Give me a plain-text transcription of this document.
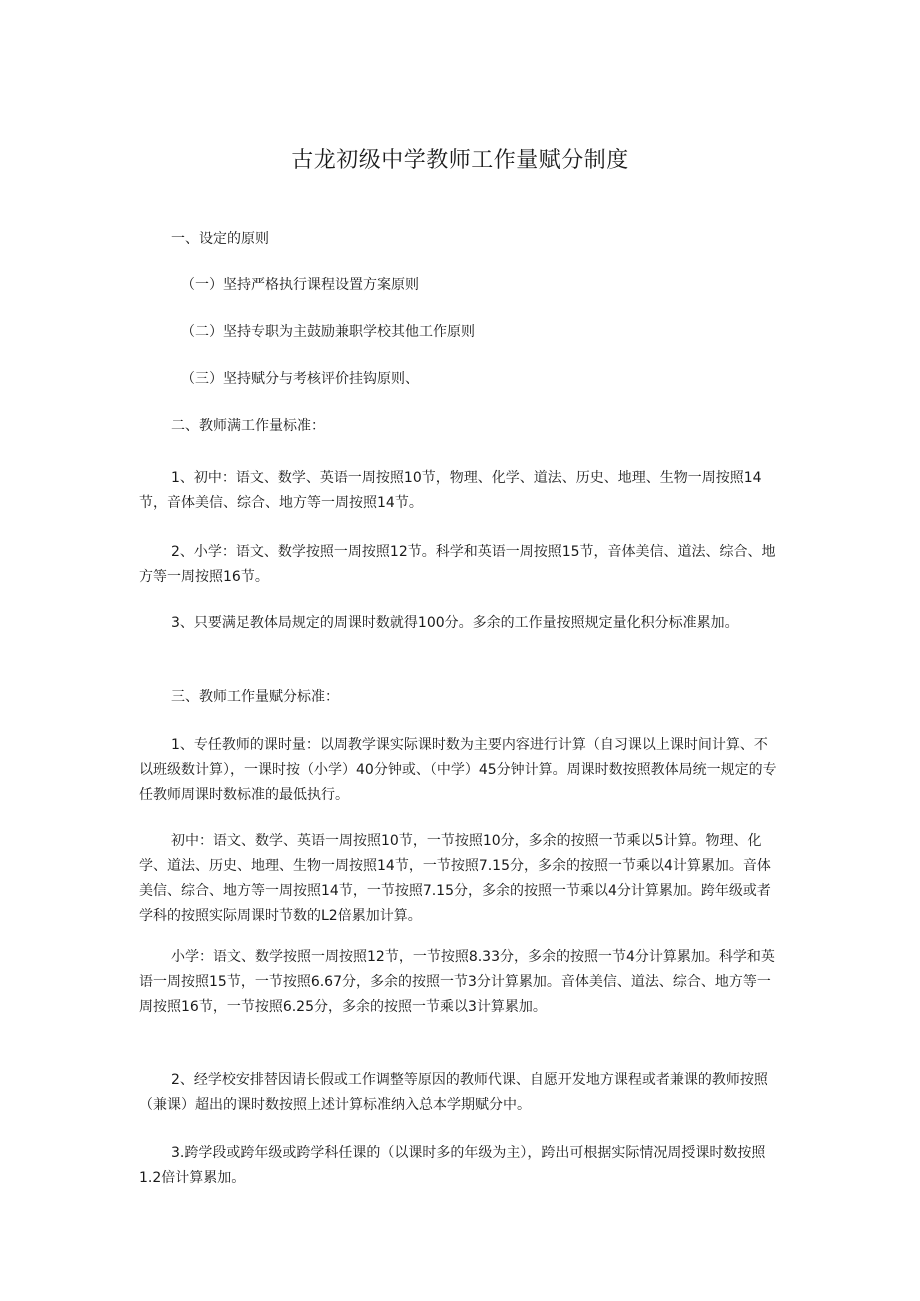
古龙初级中学教师工作量赋分制度

一、设定的原则

（一）坚持严格执行课程设置方案原则

（二）坚持专职为主鼓励兼职学校其他工作原则

（三）坚持赋分与考核评价挂钩原则、

二、教师满工作量标准：

1、初中：语文、数学、英语一周按照10节，物理、化学、道法、历史、地理、生物一周按照14节，音体美信、综合、地方等一周按照14节。

2、小学：语文、数学按照一周按照12节。科学和英语一周按照15节，音体美信、道法、综合、地方等一周按照16节。

3、只要满足教体局规定的周课时数就得100分。多余的工作量按照规定量化积分标准累加。

三、教师工作量赋分标准：

1、专任教师的课时量：以周教学课实际课时数为主要内容进行计算（自习课以上课时间计算、不以班级数计算），一课时按（小学）40分钟或、（中学）45分钟计算。周课时数按照教体局统一规定的专任教师周课时数标准的最低执行。

初中：语文、数学、英语一周按照10节，一节按照10分，多余的按照一节乘以5计算。物理、化学、道法、历史、地理、生物一周按照14节，一节按照7.15分，多余的按照一节乘以4计算累加。音体美信、综合、地方等一周按照14节，一节按照7.15分，多余的按照一节乘以4分计算累加。跨年级或者学科的按照实际周课时节数的L2倍累加计算。

小学：语文、数学按照一周按照12节，一节按照8.33分，多余的按照一节4分计算累加。科学和英语一周按照15节，一节按照6.67分，多余的按照一节3分计算累加。音体美信、道法、综合、地方等一周按照16节，一节按照6.25分，多余的按照一节乘以3计算累加。

2、经学校安排替因请长假或工作调整等原因的教师代课、自愿开发地方课程或者兼课的教师按照（兼课）超出的课时数按照上述计算标准纳入总本学期赋分中。

3.跨学段或跨年级或跨学科任课的（以课时多的年级为主），跨出可根据实际情况周授课时数按照1.2倍计算累加。
